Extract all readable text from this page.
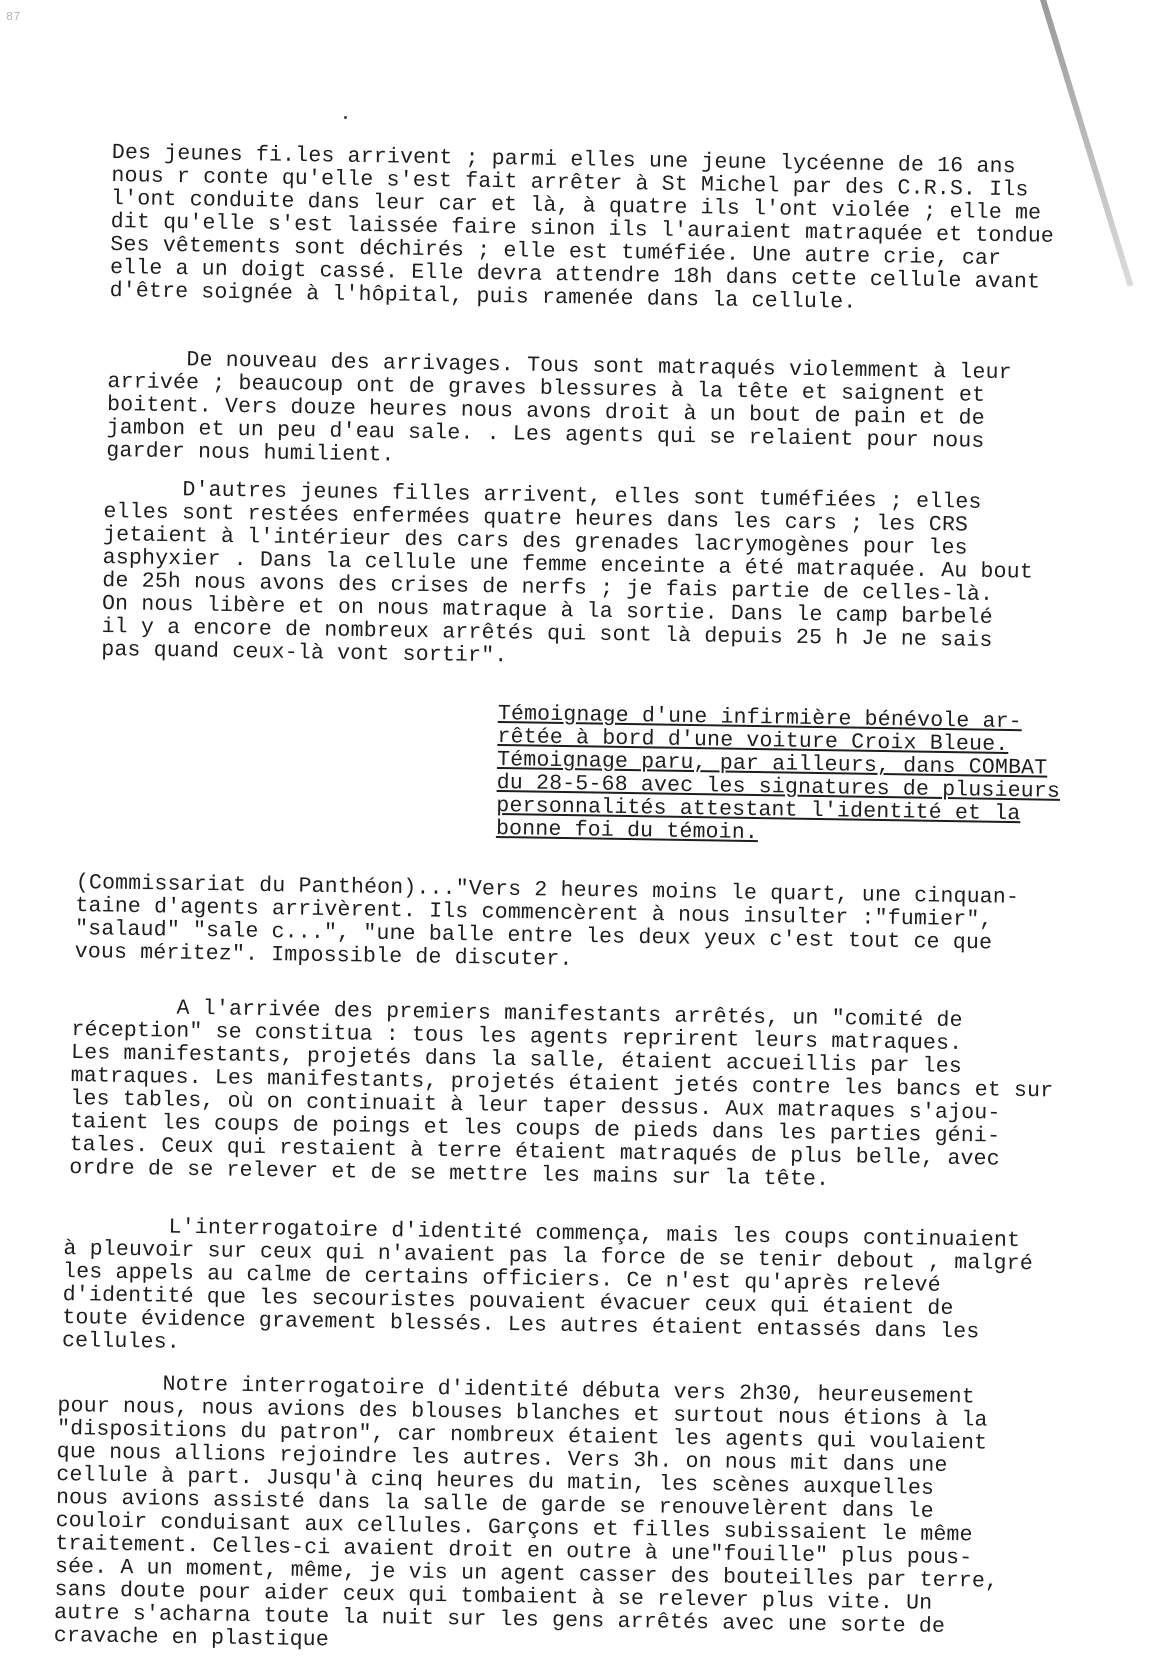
87

Des jeunes fi.les arrivent ; parmi elles une jeune lycéenne de 16 ans
nous r conte qu'elle s'est fait arrêter à St Michel par des C.R.S. Ils
l'ont conduite dans leur car et là, à quatre ils l'ont violée ; elle me
dit qu'elle s'est laissée faire sinon ils l'auraient matraquée et tondue
Ses vêtements sont déchirés ; elle est tuméfiée. Une autre crie, car
elle a un doigt cassé. Elle devra attendre 18h dans cette cellule avant
d'être soignée à l'hôpital, puis ramenée dans la cellule.

De nouveau des arrivages. Tous sont matraqués violemment à leur
arrivée ; beaucoup ont de graves blessures à la tête et saignent et
boitent. Vers douze heures nous avons droit à un bout de pain et de
jambon et un peu d'eau sale. . Les agents qui se relaient pour nous
garder nous humilient.

D'autres jeunes filles arrivent, elles sont tuméfiées ; elles
elles sont restées enfermées quatre heures dans les cars ; les CRS
jetaient à l'intérieur des cars des grenades lacrymogènes pour les
asphyxier . Dans la cellule une femme enceinte a été matraquée. Au bout
de 25h nous avons des crises de nerfs ; je fais partie de celles-là.
On nous libère et on nous matraque à la sortie. Dans le camp barbelé
il y a encore de nombreux arrêtés qui sont là depuis 25 h Je ne sais
pas quand ceux-là vont sortir".

Témoignage d'une infirmière bénévole ar-
rêtée à bord d'une voiture Croix Bleue.
Témoignage paru, par ailleurs, dans COMBAT
du 28-5-68 avec les signatures de plusieurs
personnalités attestant l'identité et la
bonne foi du témoin.

(Commissariat du Panthéon)..."Vers 2 heures moins le quart, une cinquan-
taine d'agents arrivèrent. Ils commencèrent à nous insulter :"fumier",
"salaud" "sale c...", "une balle entre les deux yeux c'est tout ce que
vous méritez". Impossible de discuter.

A l'arrivée des premiers manifestants arrêtés, un "comité de
réception" se constitua : tous les agents reprirent leurs matraques.
Les manifestants, projetés dans la salle, étaient accueillis par les
matraques. Les manifestants, projetés étaient jetés contre les bancs et sur
les tables, où on continuait à leur taper dessus. Aux matraques s'ajou-
taient les coups de poings et les coups de pieds dans les parties géni-
tales. Ceux qui restaient à terre étaient matraqués de plus belle, avec
ordre de se relever et de se mettre les mains sur la tête.

L'interrogatoire d'identité commença, mais les coups continuaient
à pleuvoir sur ceux qui n'avaient pas la force de se tenir debout , malgré
les appels au calme de certains officiers. Ce n'est qu'après relevé
d'identité que les secouristes pouvaient évacuer ceux qui étaient de
toute évidence gravement blessés. Les autres étaient entassés dans les
cellules.

Notre interrogatoire d'identité débuta vers 2h30, heureusement
pour nous, nous avions des blouses blanches et surtout nous étions à la
"dispositions du patron", car nombreux étaient les agents qui voulaient
que nous allions rejoindre les autres. Vers 3h. on nous mit dans une
cellule à part. Jusqu'à cinq heures du matin, les scènes auxquelles
nous avions assisté dans la salle de garde se renouvelèrent dans le
couloir conduisant aux cellules. Garçons et filles subissaient le même
traitement. Celles-ci avaient droit en outre à une"fouille" plus pous-
sée. A un moment, même, je vis un agent casser des bouteilles par terre,
sans doute pour aider ceux qui tombaient à se relever plus vite. Un
autre s'acharna toute la nuit sur les gens arrêtés avec une sorte de
cravache en plastique
